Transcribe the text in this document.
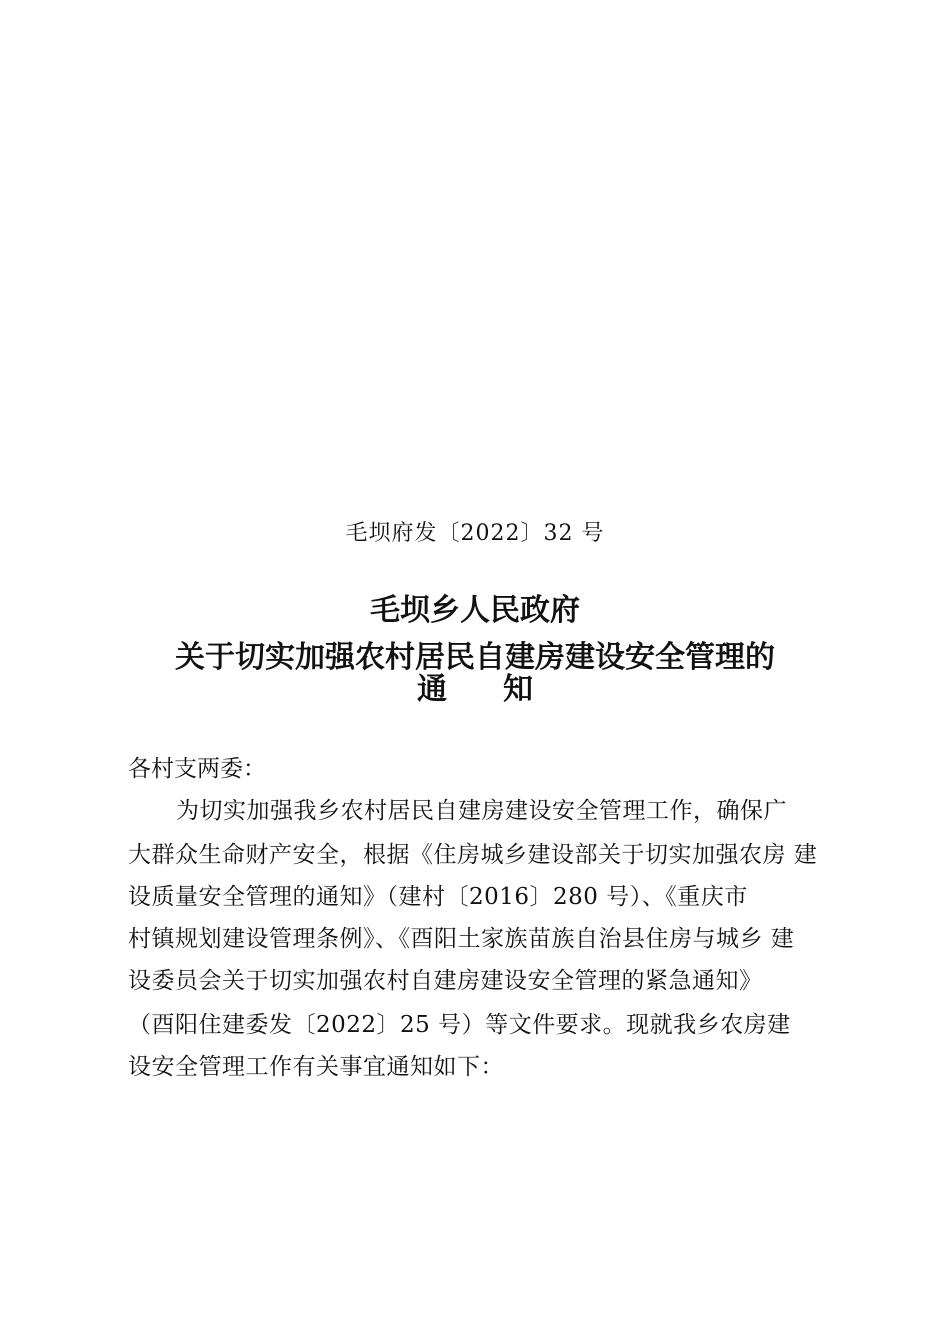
毛坝府发〔2022〕32 号
毛坝乡人民政府
关于切实加强农村居民自建房建设安全管理的
通 知
各村支两委：
为切实加强我乡农村居民自建房建设安全管理工作，确保广
大群众生命财产安全，根据《住房城乡建设部关于切实加强农房 建
设质量安全管理的通知》（建村〔2016〕280 号）、《重庆市
村镇规划建设管理条例》、《酉阳土家族苗族自治县住房与城乡 建
设委员会关于切实加强农村自建房建设安全管理的紧急通知》
（酉阳住建委发〔2022〕25 号）等文件要求。现就我乡农房建
设安全管理工作有关事宜通知如下：
